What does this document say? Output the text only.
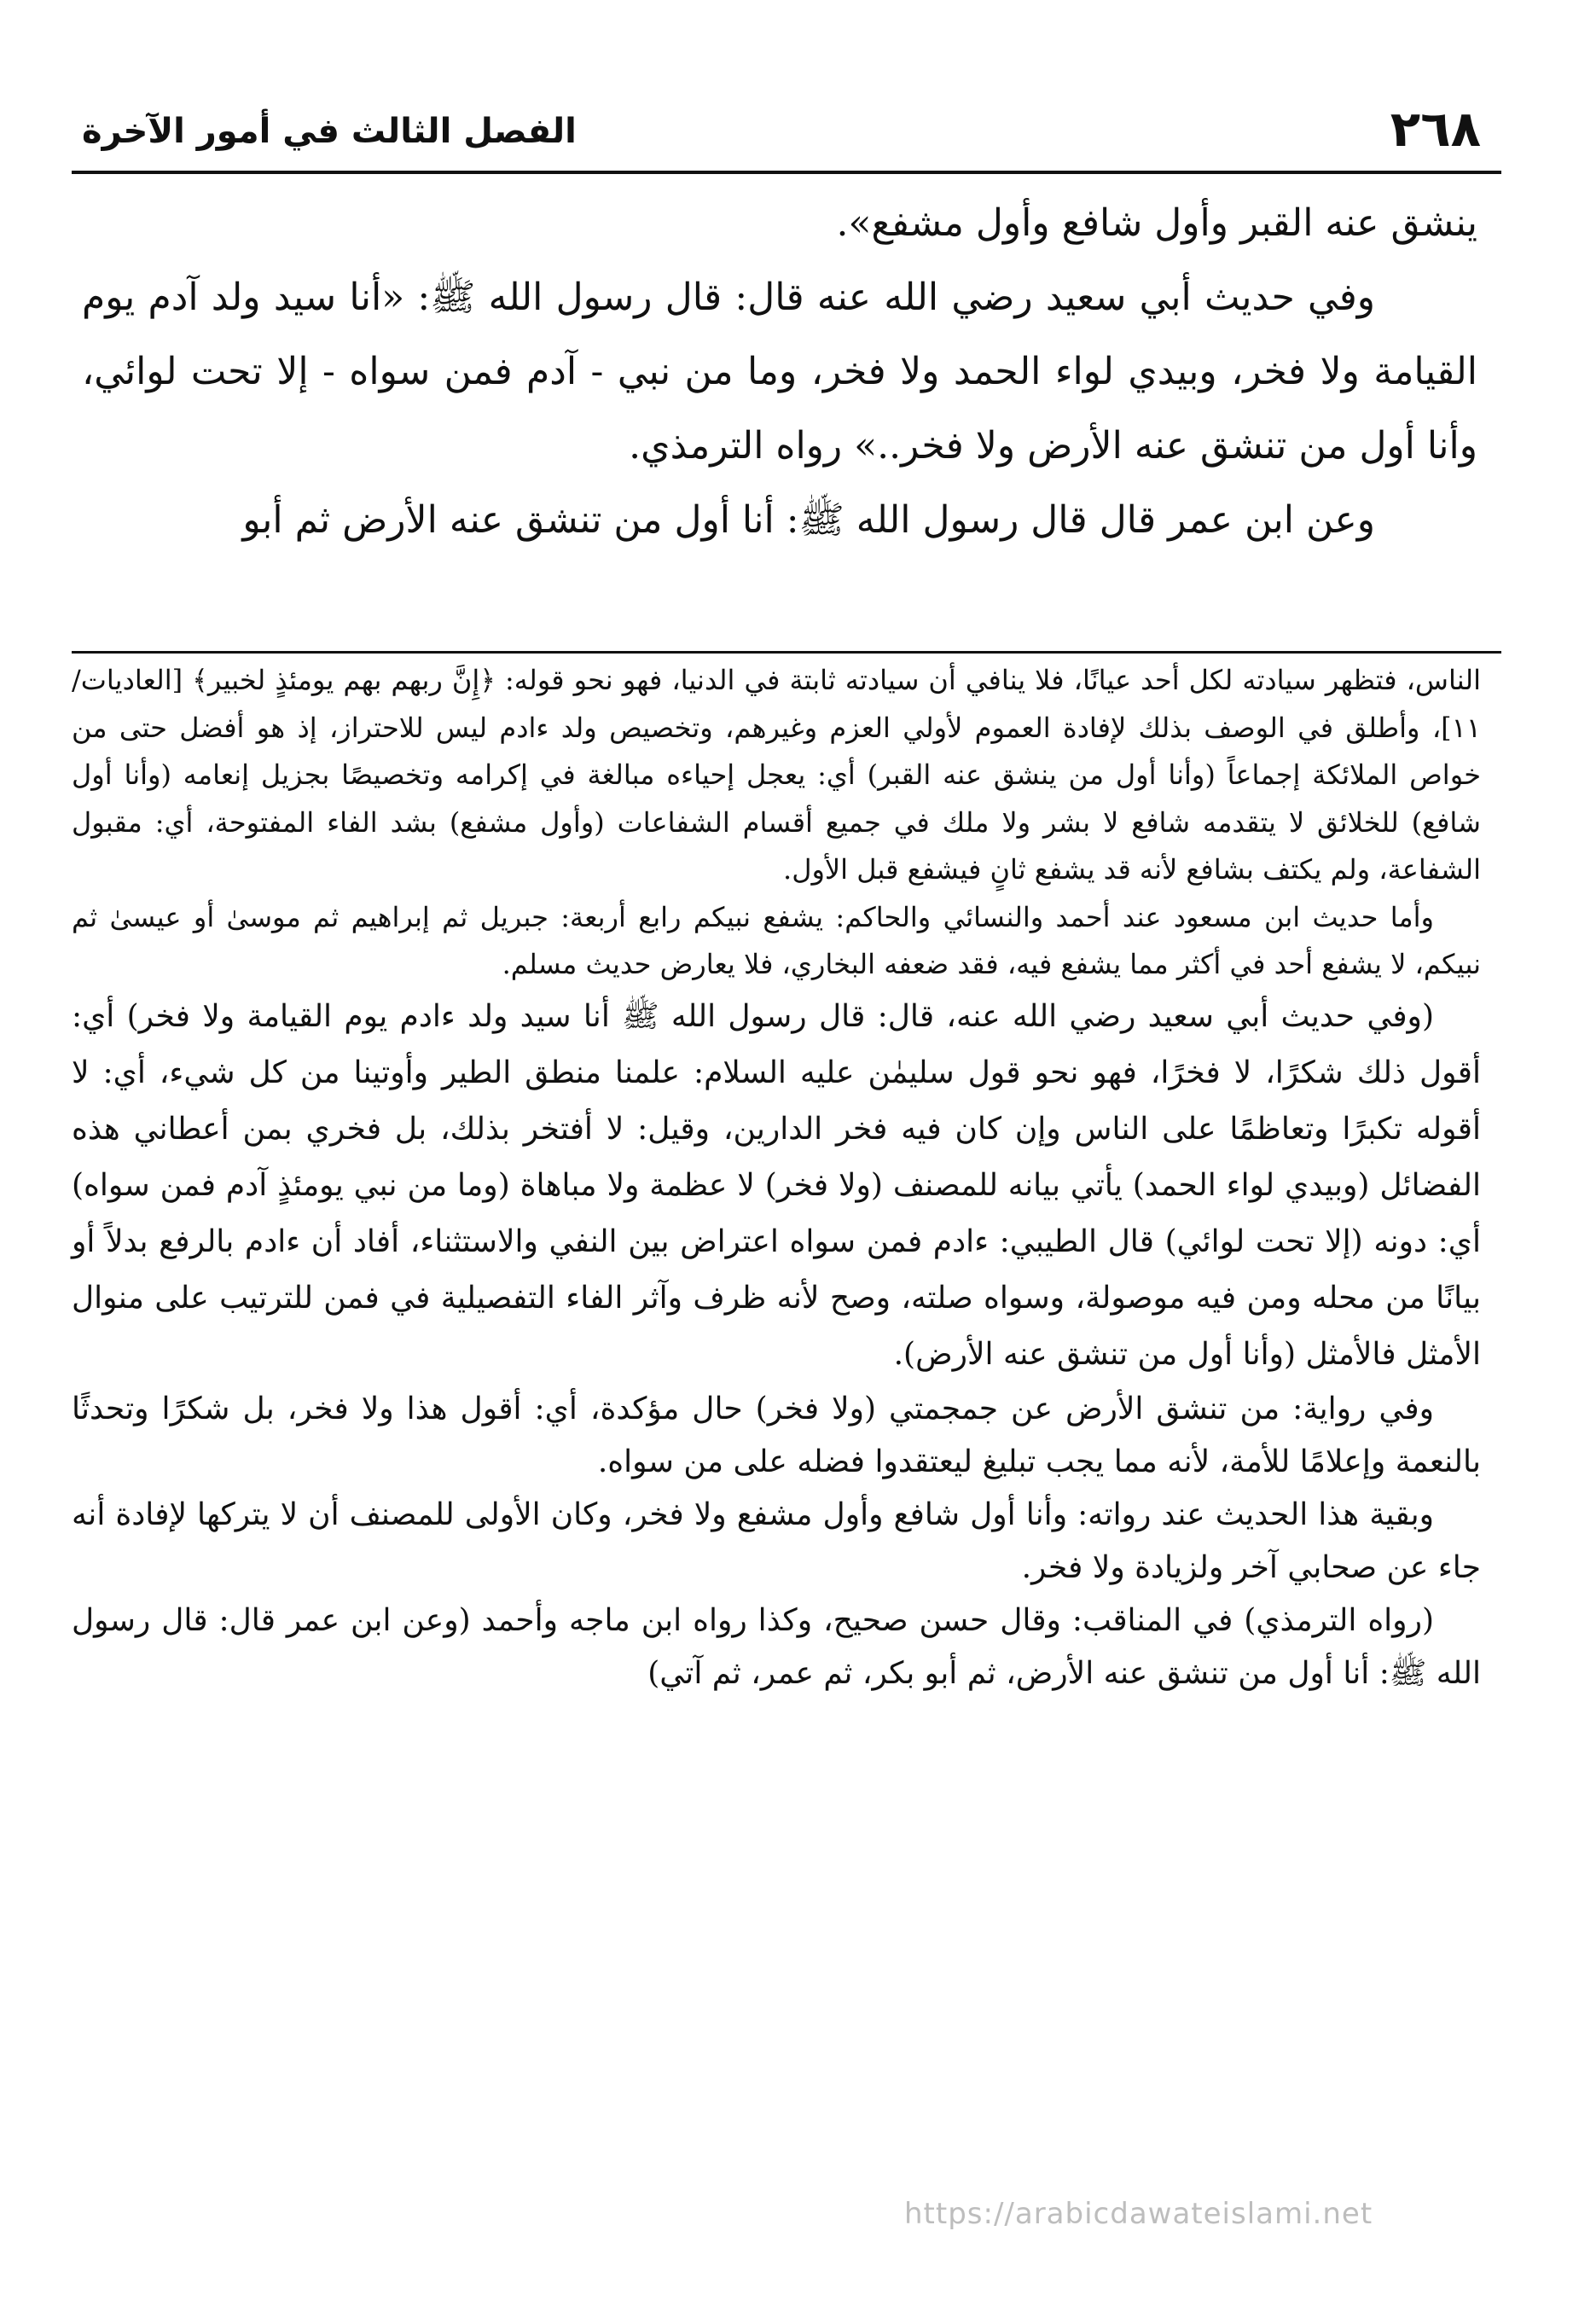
٢٦٨
الفصل الثالث في أمور الآخرة

ينشق عنه القبر وأول شافع وأول مشفع».

وفي حديث أبي سعيد رضي الله عنه قال: قال رسول الله ﷺ: «أنا سيد ولد آدم يوم القيامة ولا فخر، وبيدي لواء الحمد ولا فخر، وما من نبي - آدم فمن سواه - إلا تحت لوائي، وأنا أول من تنشق عنه الأرض ولا فخر..» رواه الترمذي.

وعن ابن عمر قال قال رسول الله ﷺ: أنا أول من تنشق عنه الأرض ثم أبو

الناس، فتظهر سيادته لكل أحد عيانًا، فلا ينافي أن سيادته ثابتة في الدنيا، فهو نحو قوله: ﴿إِنَّ ربهم بهم يومئذٍ لخبير﴾ [العاديات/ ١١]، وأطلق في الوصف بذلك لإفادة العموم لأولي العزم وغيرهم، وتخصيص ولد ءادم ليس للاحتراز، إذ هو أفضل حتى من خواص الملائكة إجماعاً (وأنا أول من ينشق عنه القبر) أي: يعجل إحياءه مبالغة في إكرامه وتخصيصًا بجزيل إنعامه (وأنا أول شافع) للخلائق لا يتقدمه شافع لا بشر ولا ملك في جميع أقسام الشفاعات (وأول مشفع) بشد الفاء المفتوحة، أي: مقبول الشفاعة، ولم يكتف بشافع لأنه قد يشفع ثانٍ فيشفع قبل الأول.

وأما حديث ابن مسعود عند أحمد والنسائي والحاكم: يشفع نبيكم رابع أربعة: جبريل ثم إبراهيم ثم موسىٰ أو عيسىٰ ثم نبيكم، لا يشفع أحد في أكثر مما يشفع فيه، فقد ضعفه البخاري، فلا يعارض حديث مسلم.

(وفي حديث أبي سعيد رضي الله عنه، قال: قال رسول الله ﷺ أنا سيد ولد ءادم يوم القيامة ولا فخر) أي: أقول ذلك شكرًا، لا فخرًا، فهو نحو قول سليمٰن عليه السلام: علمنا منطق الطير وأوتينا من كل شيء، أي: لا أقوله تكبرًا وتعاظمًا على الناس وإن كان فيه فخر الدارين، وقيل: لا أفتخر بذلك، بل فخري بمن أعطاني هذه الفضائل (وبيدي لواء الحمد) يأتي بيانه للمصنف (ولا فخر) لا عظمة ولا مباهاة (وما من نبي يومئذٍ آدم فمن سواه) أي: دونه (إلا تحت لوائي) قال الطيبي: ءادم فمن سواه اعتراض بين النفي والاستثناء، أفاد أن ءادم بالرفع بدلاً أو بيانًا من محله ومن فيه موصولة، وسواه صلته، وصح لأنه ظرف وآثر الفاء التفصيلية في فمن للترتيب على منوال الأمثل فالأمثل (وأنا أول من تنشق عنه الأرض).

وفي رواية: من تنشق الأرض عن جمجمتي (ولا فخر) حال مؤكدة، أي: أقول هذا ولا فخر، بل شكرًا وتحدثًا بالنعمة وإعلامًا للأمة، لأنه مما يجب تبليغ ليعتقدوا فضله على من سواه.

وبقية هذا الحديث عند رواته: وأنا أول شافع وأول مشفع ولا فخر، وكان الأولى للمصنف أن لا يتركها لإفادة أنه جاء عن صحابي آخر ولزيادة ولا فخر.

(رواه الترمذي) في المناقب: وقال حسن صحيح، وكذا رواه ابن ماجه وأحمد (وعن ابن عمر قال: قال رسول الله ﷺ: أنا أول من تنشق عنه الأرض، ثم أبو بكر، ثم عمر، ثم آتي)

https://arabicdawateislami.net
